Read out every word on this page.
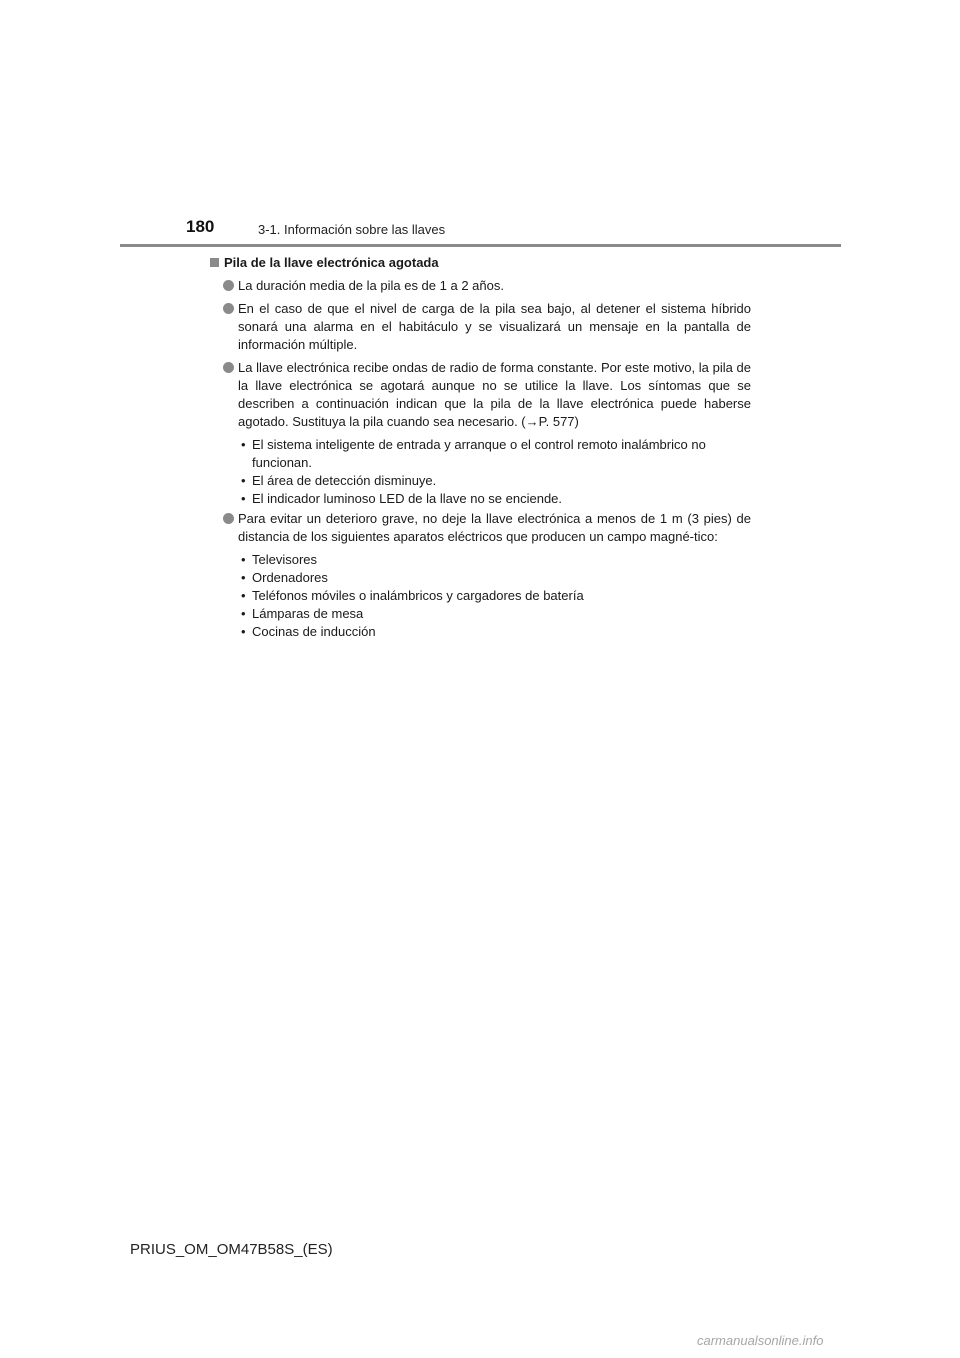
180	3-1. Información sobre las llaves
Pila de la llave electrónica agotada
La duración media de la pila es de 1 a 2 años.
En el caso de que el nivel de carga de la pila sea bajo, al detener el sistema híbrido sonará una alarma en el habitáculo y se visualizará un mensaje en la pantalla de información múltiple.
La llave electrónica recibe ondas de radio de forma constante. Por este motivo, la pila de la llave electrónica se agotará aunque no se utilice la llave. Los síntomas que se describen a continuación indican que la pila de la llave electrónica puede haberse agotado. Sustituya la pila cuando sea necesario. (→P. 577)
• El sistema inteligente de entrada y arranque o el control remoto inalámbrico no funcionan.
• El área de detección disminuye.
• El indicador luminoso LED de la llave no se enciende.
Para evitar un deterioro grave, no deje la llave electrónica a menos de 1 m (3 pies) de distancia de los siguientes aparatos eléctricos que producen un campo magné-tico:
• Televisores
• Ordenadores
• Teléfonos móviles o inalámbricos y cargadores de batería
• Lámparas de mesa
• Cocinas de inducción
PRIUS_OM_OM47B58S_(ES)
carmanualsonline.info
